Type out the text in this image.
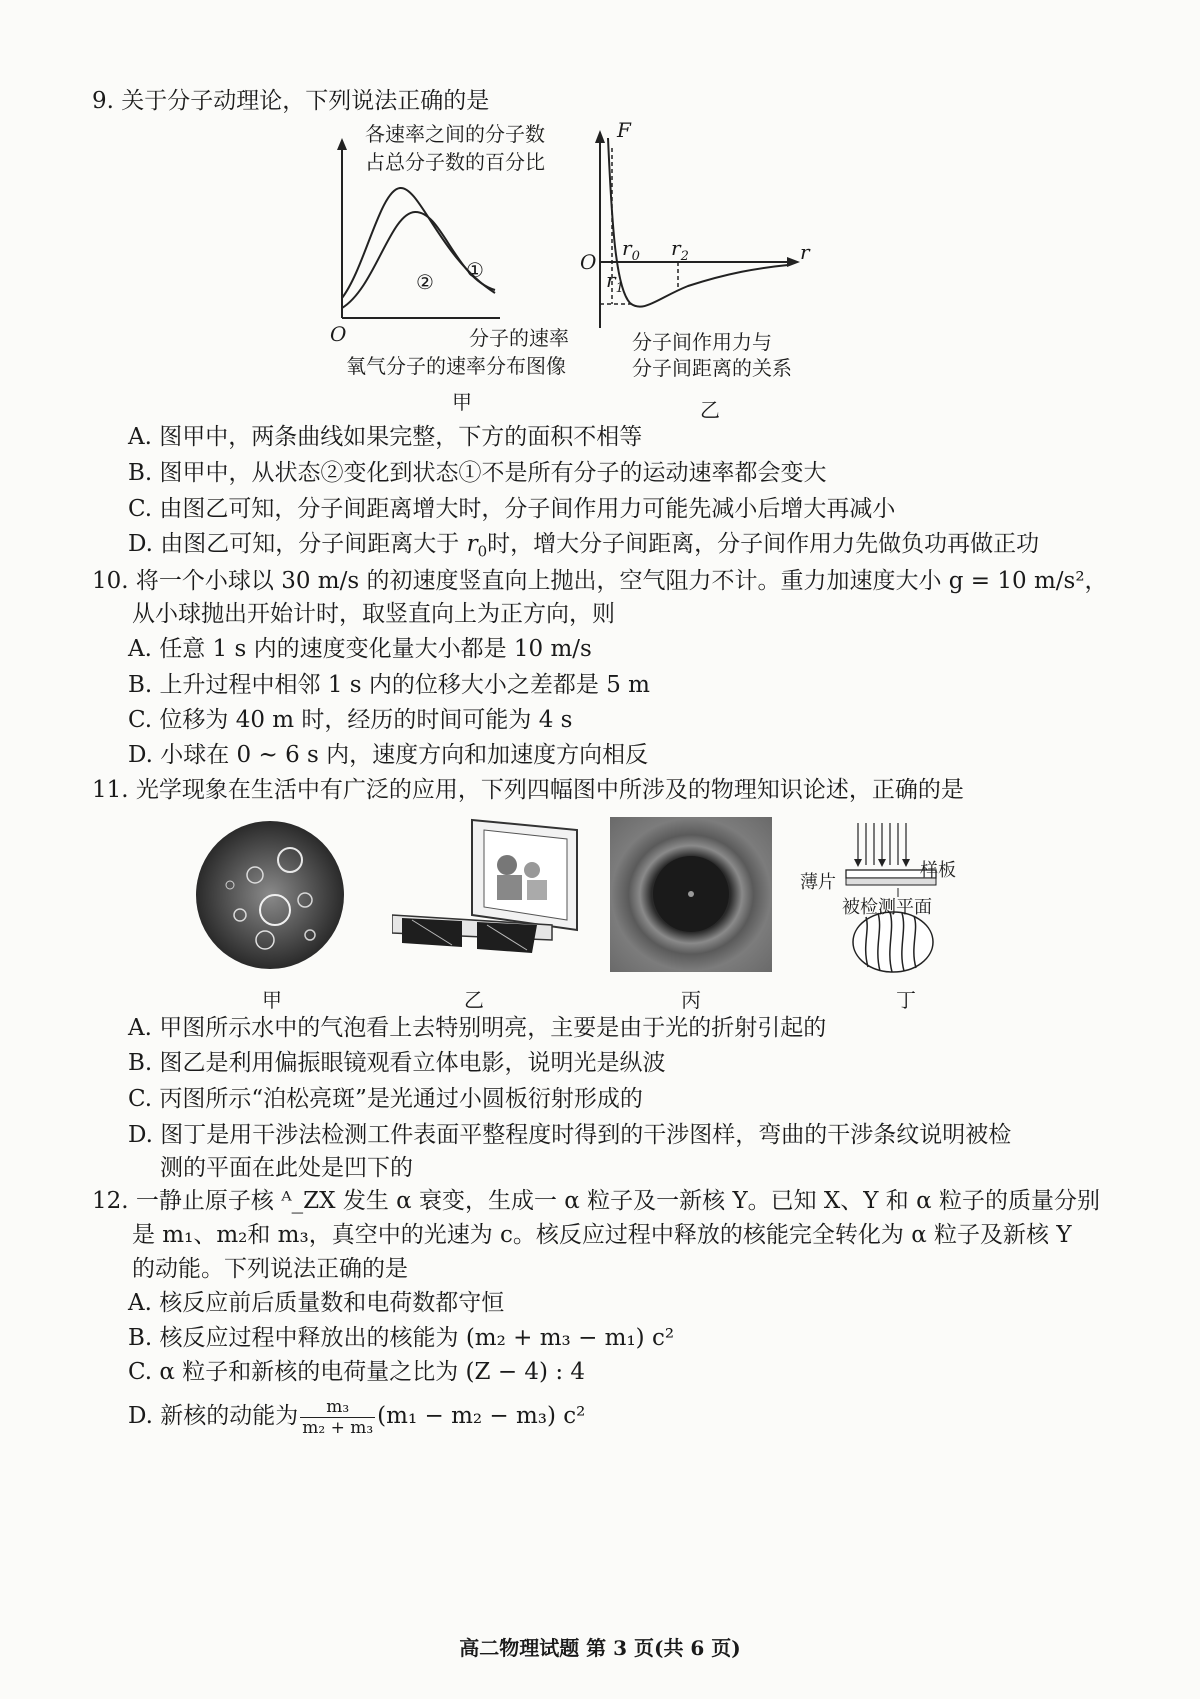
9. 关于分子动理论，下列说法正确的是
各速率之间的分子数
占总分子数的百分比
O	分子的速率
①
②
氧气分子的速率分布图像
甲
F
r
O
$r_0$
$r_1$
$r_2$
分子间作用力与
分子间距离的关系
乙
A. 图甲中，两条曲线如果完整，下方的面积不相等
B. 图甲中，从状态②变化到状态①不是所有分子的运动速率都会变大
C. 由图乙可知，分子间距离增大时，分子间作用力可能先减小后增大再减小
D. 由图乙可知，分子间距离大于 $r_0$时，增大分子间距离，分子间作用力先做负功再做正功
10. 将一个小球以 30 m/s 的初速度竖直向上抛出，空气阻力不计。重力加速度大小 g = 10 m/s²，
从小球抛出开始计时，取竖直向上为正方向，则
A. 任意 1 s 内的速度变化量大小都是 10 m/s
B. 上升过程中相邻 1 s 内的位移大小之差都是 5 m
C. 位移为 40 m 时，经历的时间可能为 4 s
D. 小球在 0 ~ 6 s 内，速度方向和加速度方向相反
11. 光学现象在生活中有广泛的应用，下列四幅图中所涉及的物理知识论述，正确的是
甲	乙	丙
样板
薄片
被检测平面
丁
A. 甲图所示水中的气泡看上去特别明亮，主要是由于光的折射引起的
B. 图乙是利用偏振眼镜观看立体电影，说明光是纵波
C. 丙图所示“泊松亮斑”是光通过小圆板衍射形成的
D. 图丁是用干涉法检测工件表面平整程度时得到的干涉图样，弯曲的干涉条纹说明被检
测的平面在此处是凹下的
12. 一静止原子核 ᴬ_ZX 发生 α 衰变，生成一 α 粒子及一新核 Y。已知 X、Y 和 α 粒子的质量分别
是 m₁、m₂和 m₃，真空中的光速为 c。核反应过程中释放的核能完全转化为 α 粒子及新核 Y
的动能。下列说法正确的是
A. 核反应前后质量数和电荷数都守恒
B. 核反应过程中释放出的核能为 (m₂ + m₃ − m₁) c²
C. α 粒子和新核的电荷量之比为 (Z − 4) : 4
D. 新核的动能为 $\frac{\text{m₃}}{\text{m₂ + m₃}} (m_1 - m_2 - m_3)$ c²
高二物理试题 第 3 页(共 6 页)
